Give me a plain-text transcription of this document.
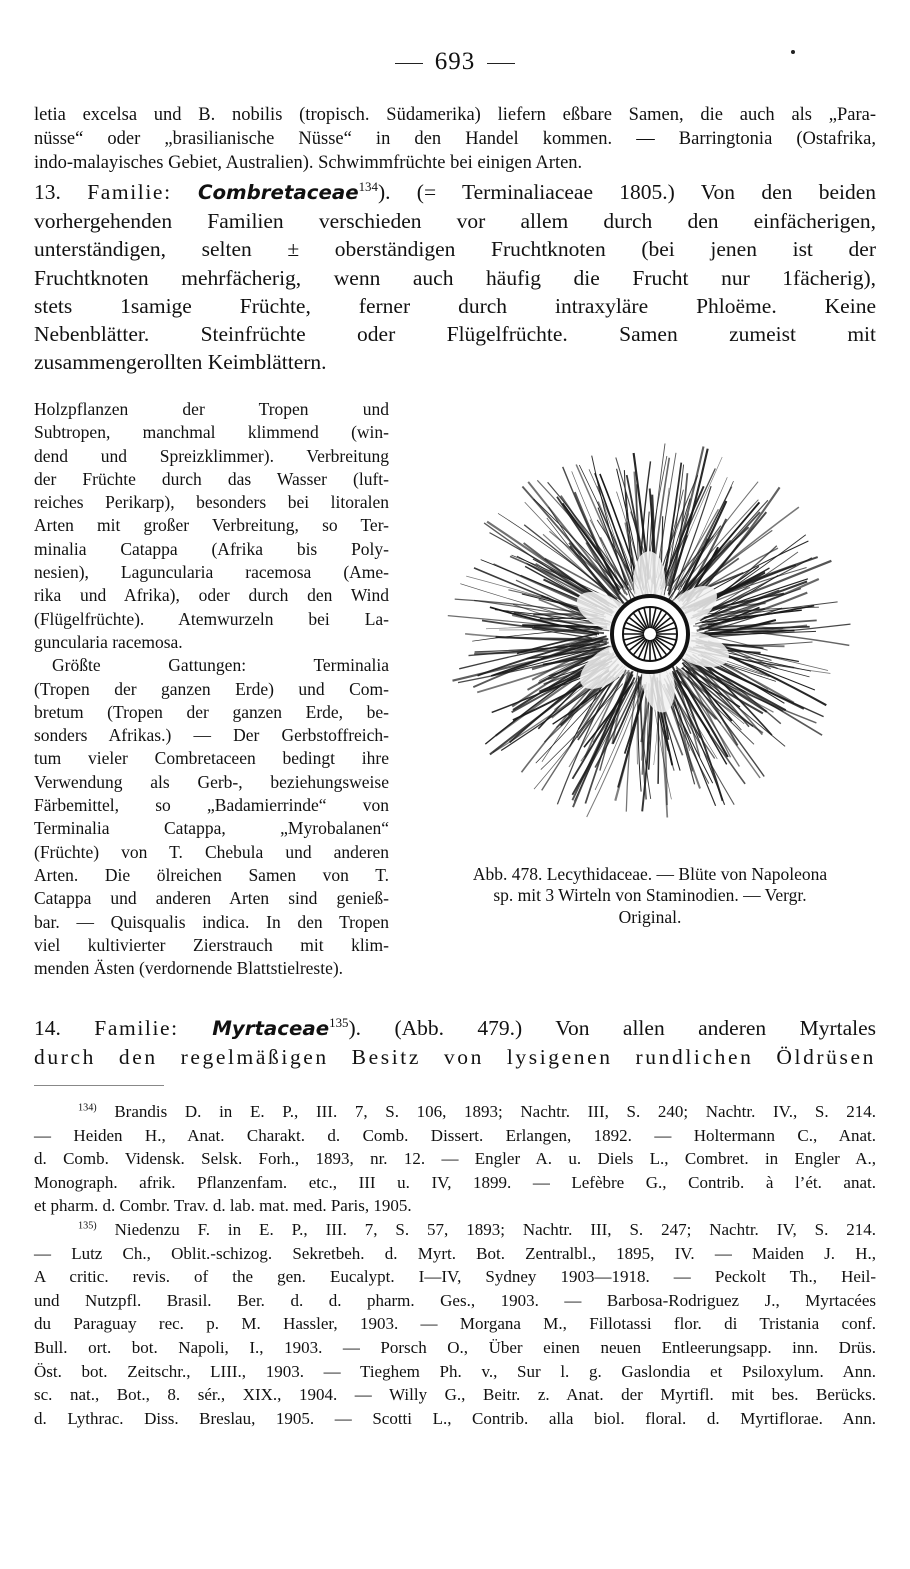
693
letia excelsa und B. nobilis (tropisch. Südamerika) liefern eßbare Samen, die auch als „Para-
nüsse“ oder „brasilianische Nüsse“ in den Handel kommen. — Barringtonia (Ostafrika,
indo-malayisches Gebiet, Australien). Schwimmfrüchte bei einigen Arten.
13. Familie: Combretaceae$^{134}$). (= Terminaliaceae 1805.) Von den beiden
vorhergehenden Familien verschieden vor allem durch den einfächerigen,
unterständigen, selten ± oberständigen Fruchtknoten (bei jenen ist der
Fruchtknoten mehrfächerig, wenn auch häufig die Frucht nur 1fächerig),
stets 1samige Früchte, ferner durch intraxyläre Phloëme. Keine
Nebenblätter. Steinfrüchte oder Flügelfrüchte. Samen zumeist mit
zusammengerollten Keimblättern.
Holzpflanzen der Tropen und
Subtropen, manchmal klimmend (win-
dend und Spreizklimmer). Verbreitung
der Früchte durch das Wasser (luft-
reiches Perikarp), besonders bei litoralen
Arten mit großer Verbreitung, so Ter-
minalia Catappa (Afrika bis Poly-
nesien), Laguncularia racemosa (Ame-
rika und Afrika), oder durch den Wind
(Flügelfrüchte). Atemwurzeln bei La-
guncularia racemosa.
Größte Gattungen: Terminalia
(Tropen der ganzen Erde) und Com-
bretum (Tropen der ganzen Erde, be-
sonders Afrikas.) — Der Gerbstoffreich-
tum vieler Combretaceen bedingt ihre
Verwendung als Gerb-, beziehungsweise
Färbemittel, so „Badamierrinde“ von
Terminalia Catappa, „Myrobalanen“
(Früchte) von T. Chebula und anderen
Arten. Die ölreichen Samen von T.
Catappa und anderen Arten sind genieß-
bar. — Quisqualis indica. In den Tropen
viel kultivierter Zierstrauch mit klim-
menden Ästen (verdornende Blattstielreste).
Abb. 478. Lecythidaceae. — Blüte von Napoleona
sp. mit 3 Wirteln von Staminodien. — Vergr.
Original.
14. Familie: Myrtaceae$^{135}$). (Abb. 479.) Von allen anderen Myrtales
durch den regelmäßigen Besitz von lysigenen rundlichen Öldrüsen
$^{134)}$ Brandis D. in E. P., III. 7, S. 106, 1893; Nachtr. III, S. 240; Nachtr. IV., S. 214.
— Heiden H., Anat. Charakt. d. Comb. Dissert. Erlangen, 1892. — Holtermann C., Anat.
d. Comb. Vidensk. Selsk. Forh., 1893, nr. 12. — Engler A. u. Diels L., Combret. in Engler A.,
Monograph. afrik. Pflanzenfam. etc., III u. IV, 1899. — Lefèbre G., Contrib. à l’ét. anat.
et pharm. d. Combr. Trav. d. lab. mat. med. Paris, 1905.
$^{135)}$ Niedenzu F. in E. P., III. 7, S. 57, 1893; Nachtr. III, S. 247; Nachtr. IV, S. 214.
— Lutz Ch., Oblit.-schizog. Sekretbeh. d. Myrt. Bot. Zentralbl., 1895, IV. — Maiden J. H.,
A critic. revis. of the gen. Eucalypt. I—IV, Sydney 1903—1918. — Peckolt Th., Heil-
und Nutzpfl. Brasil. Ber. d. d. pharm. Ges., 1903. — Barbosa-Rodriguez J., Myrtacées
du Paraguay rec. p. M. Hassler, 1903. — Morgana M., Fillotassi flor. di Tristania conf.
Bull. ort. bot. Napoli, I., 1903. — Porsch O., Über einen neuen Entleerungsapp. inn. Drüs.
Öst. bot. Zeitschr., LIII., 1903. — Tieghem Ph. v., Sur l. g. Gaslondia et Psiloxylum. Ann.
sc. nat., Bot., 8. sér., XIX., 1904. — Willy G., Beitr. z. Anat. der Myrtifl. mit bes. Berücks.
d. Lythrac. Diss. Breslau, 1905. — Scotti L., Contrib. alla biol. floral. d. Myrtiflorae. Ann.
